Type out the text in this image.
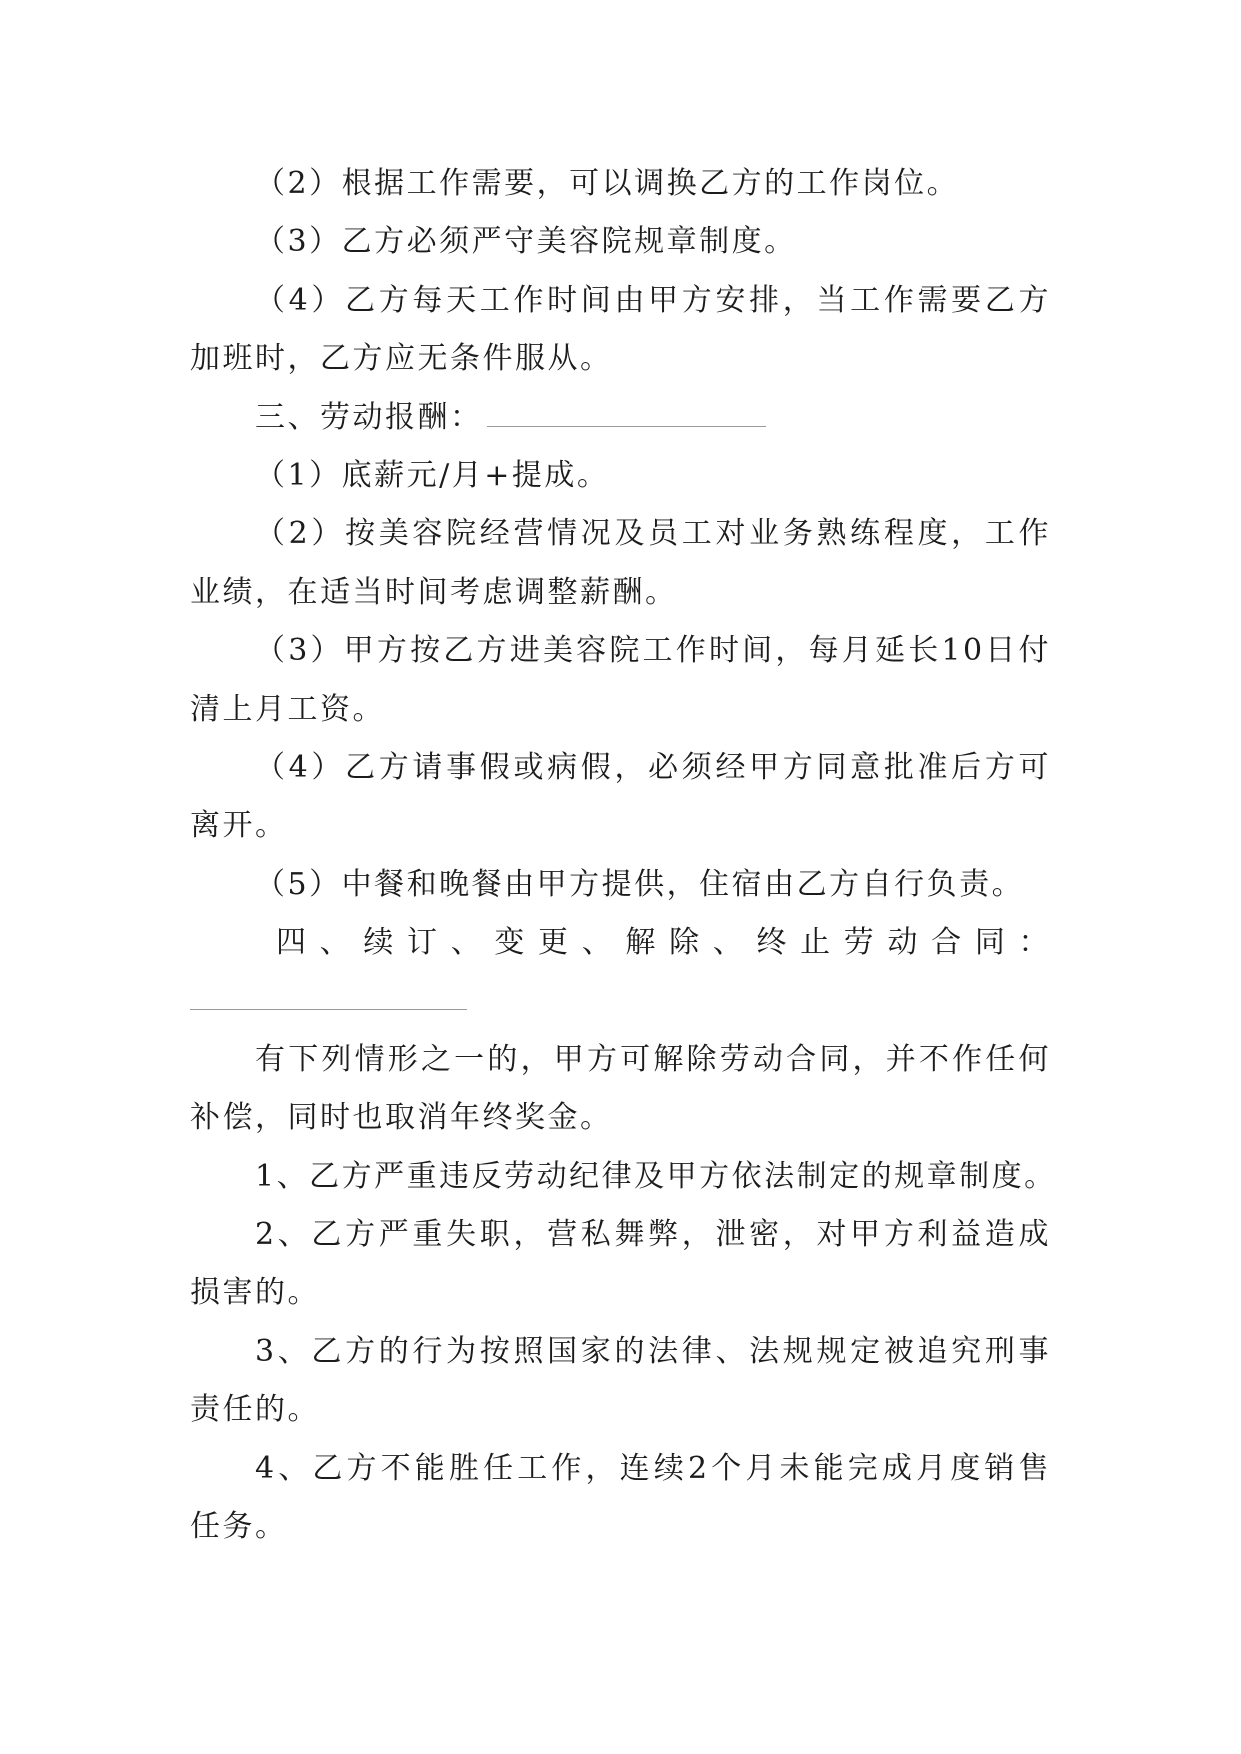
（2）根据工作需要，可以调换乙方的工作岗位。
（3）乙方必须严守美容院规章制度。
（4）乙方每天工作时间由甲方安排，当工作需要乙方
加班时，乙方应无条件服从。
三、劳动报酬：
（1）底薪元/月+提成。
（2）按美容院经营情况及员工对业务熟练程度，工作
业绩，在适当时间考虑调整薪酬。
（3）甲方按乙方进美容院工作时间，每月延长10日付
清上月工资。
（4）乙方请事假或病假，必须经甲方同意批准后方可
离开。
（5）中餐和晚餐由甲方提供，住宿由乙方自行负责。
四、续订、变更、解除、终止劳动合同：
有下列情形之一的，甲方可解除劳动合同，并不作任何
补偿，同时也取消年终奖金。
1、乙方严重违反劳动纪律及甲方依法制定的规章制度。
2、乙方严重失职，营私舞弊，泄密，对甲方利益造成
损害的。
3、乙方的行为按照国家的法律、法规规定被追究刑事
责任的。
4、乙方不能胜任工作，连续2个月未能完成月度销售
任务。
